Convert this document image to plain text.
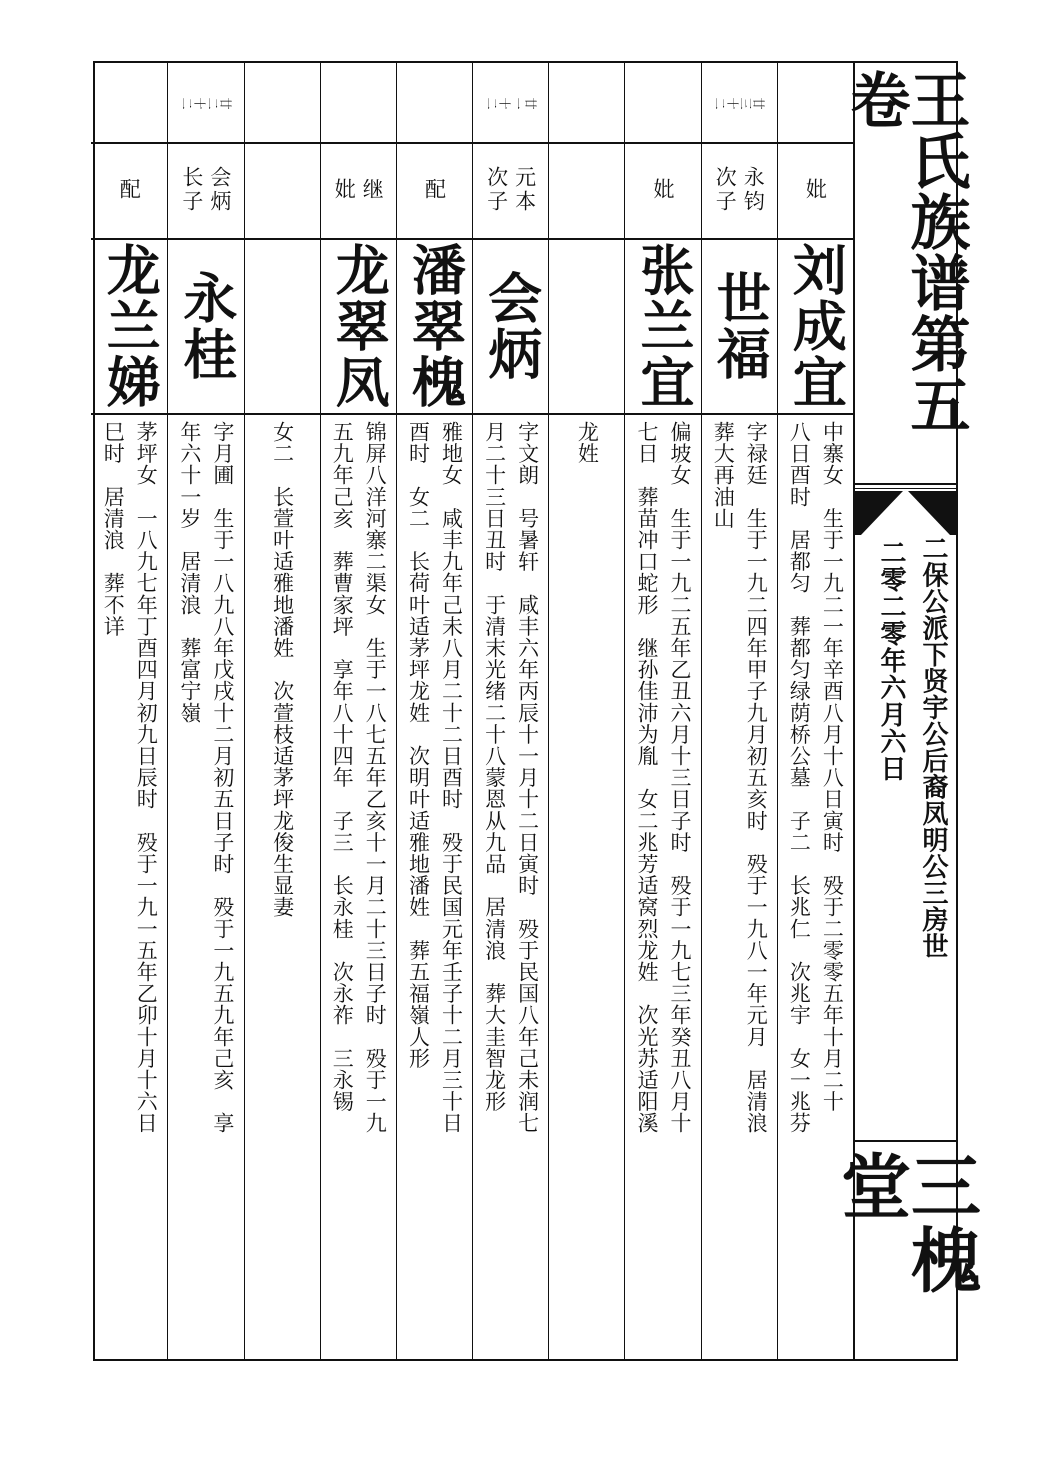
妣
刘成宜
中寨女　生于一九二一年辛酉八月十八日寅时　殁于二零零五年十月二十
八日酉时　居都匀　葬都匀绿荫桥公墓　子二　长兆仁　次兆宇　女一兆芬
廿三十二
永钧
次子
世福
字禄廷　生于一九二四年甲子九月初五亥时　殁于一九八一年元月　居清浪
葬大再油山
妣
张兰宜
偏坡女　生于一九二五年乙丑六月十三日子时　殁于一九七三年癸丑八月十
七日　葬苗冲口蛇形　继孙佳沛为胤　女二兆芳适窝烈龙姓　次光苏适阳溪
龙姓
廿一十二
元本
次子
会炳
字文朗　号暑轩　咸丰六年丙辰十一月十二日寅时　殁于民国八年己未润七
月二十三日丑时　于清末光绪二十八蒙恩从九品　居清浪　葬大圭智龙形
配
潘翠槐
雅地女　咸丰九年己未八月二十二日酉时　殁于民国元年壬子十二月三十日
酉时　女二　长荷叶适茅坪龙姓　次明叶适雅地潘姓　葬五福嶺人形
继
妣
龙翠凤
锦屏八洋河寨二渠女　生于一八七五年乙亥十一月二十三日子时　殁于一九
五九年己亥　葬曹家坪　享年八十四年　子三　长永桂　次永祚　三永锡
女二　长萱叶适雅地潘姓　次萱枝适茅坪龙俊生显妻
廿二十二
会炳
长子
永桂
字月圃　生于一八九八年戊戌十二月初五日子时　殁于一九五九年己亥　享
年六十一岁　居清浪　葬富宁嶺
配
龙兰娣
茅坪女　一八九七年丁酉四月初九日辰时　殁于一九一五年乙卯十月十六日
巳时　居清浪　葬不详
王氏族谱第五卷
二保公派下贤宇公后裔凤明公三房世
二零二零年六月六日
三槐堂
